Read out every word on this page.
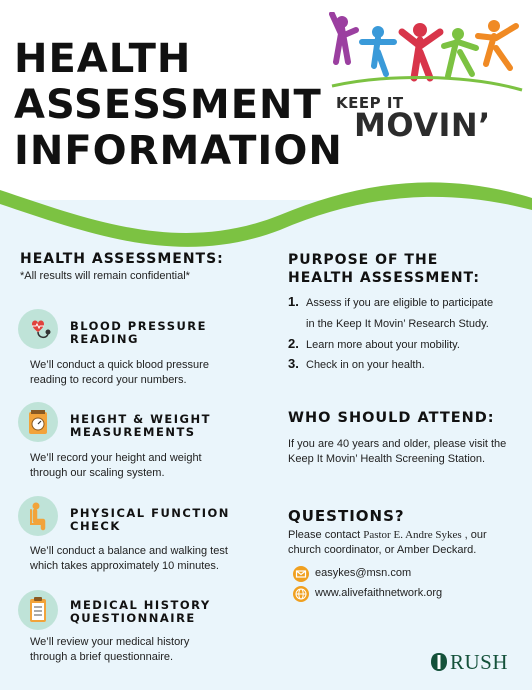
HEALTH
ASSESSMENT
INFORMATION
KEEP IT
MOVIN’
HEALTH ASSESSMENTS:
*All results will remain confidential*
BLOOD PRESSURE
READING
We’ll conduct a quick blood pressure
reading to record your numbers.
HEIGHT & WEIGHT
MEASUREMENTS
We’ll record your height and weight
through our scaling system.
PHYSICAL FUNCTION
CHECK
We’ll conduct a balance and walking test
which takes approximately 10 minutes.
MEDICAL HISTORY
QUESTIONNAIRE
We’ll review your medical history
through a brief questionnaire.
PURPOSE OF THE
HEALTH ASSESSMENT:
1. Assess if you are eligible to participate
in the Keep It Movin’ Research Study.
2. Learn more about your mobility.
3. Check in on your health.
WHO SHOULD ATTEND:
If you are 40 years and older, please visit the
Keep It Movin’ Health Screening Station.
QUESTIONS?
Please contact Pastor E. Andre Sykes , our
church coordinator, or Amber Deckard.
easykes@msn.com
www.alivefaithnetwork.org
RUSH
